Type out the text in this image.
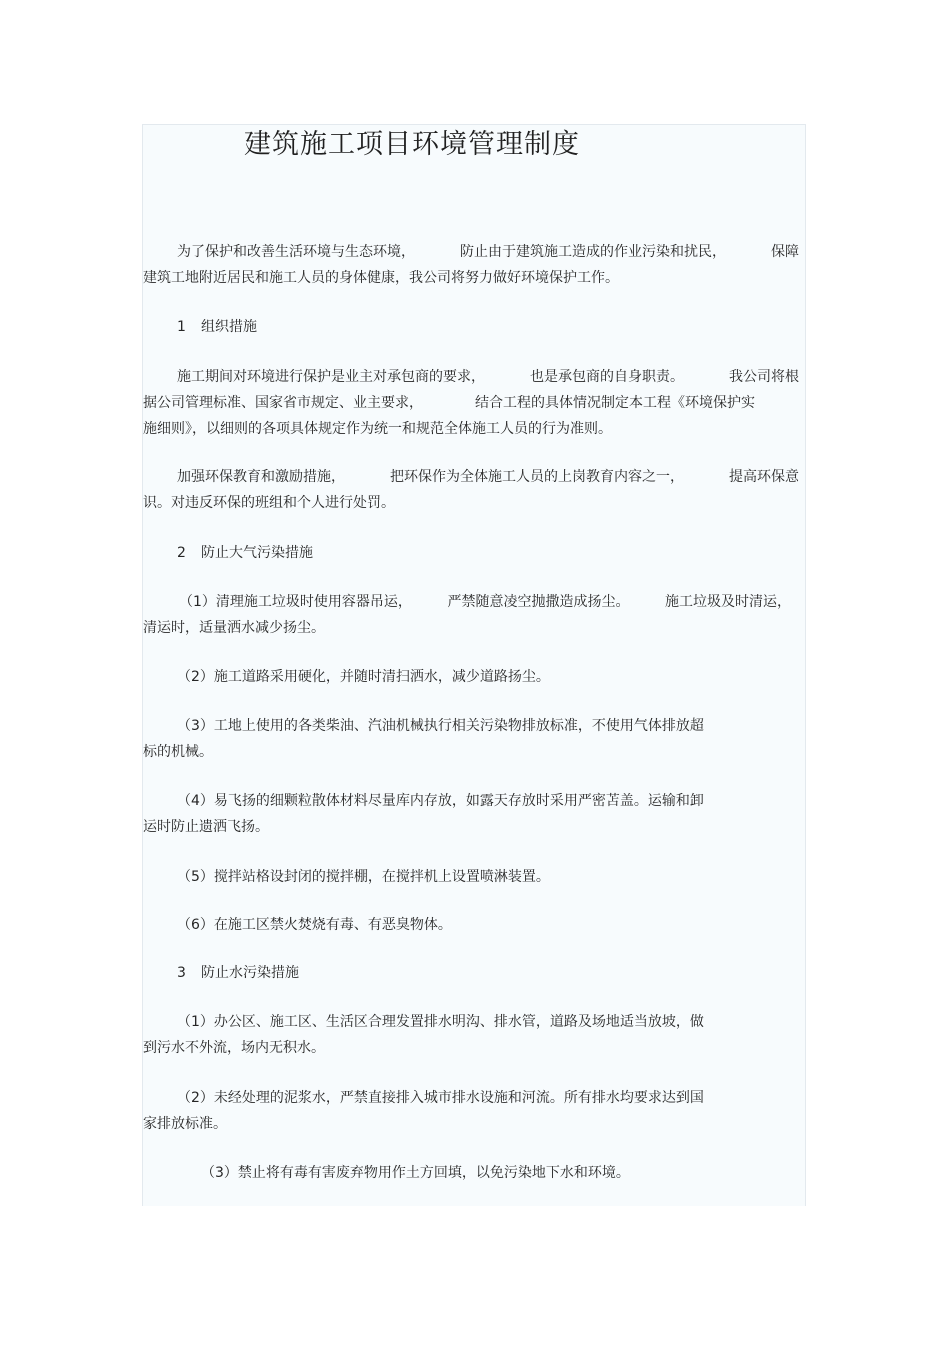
建筑施工项目环境管理制度
为了保护和改善生活环境与生态环境，	防止由于建筑施工造成的作业污染和扰民，	保障
建筑工地附近居民和施工人员的身体健康，我公司将努力做好环境保护工作。
1 组织措施
施工期间对环境进行保护是业主对承包商的要求，	也是承包商的自身职责。	我公司将根
据公司管理标准、国家省市规定、业主要求，	结合工程的具体情况制定本工程《环境保护实
施细则》，以细则的各项具体规定作为统一和规范全体施工人员的行为准则。
加强环保教育和激励措施，	把环保作为全体施工人员的上岗教育内容之一，	提高环保意
识。对违反环保的班组和个人进行处罚。
2 防止大气污染措施
（1）清理施工垃圾时使用容器吊运，	严禁随意凌空抛撒造成扬尘。	施工垃圾及时清运，
清运时，适量洒水减少扬尘。
（2）施工道路采用硬化，并随时清扫洒水，减少道路扬尘。
（3）工地上使用的各类柴油、汽油机械执行相关污染物排放标准，不使用气体排放超
标的机械。
（4）易飞扬的细颗粒散体材料尽量库内存放，如露天存放时采用严密苫盖。运输和卸
运时防止遗洒飞扬。
（5）搅拌站格设封闭的搅拌棚，在搅拌机上设置喷淋装置。
（6）在施工区禁火焚烧有毒、有恶臭物体。
3 防止水污染措施
（1）办公区、施工区、生活区合理发置排水明沟、排水管，道路及场地适当放坡，做
到污水不外流，场内无积水。
（2）未经处理的泥浆水，严禁直接排入城市排水设施和河流。所有排水均要求达到国
家排放标准。
（3）禁止将有毒有害废弃物用作土方回填，以免污染地下水和环境。
